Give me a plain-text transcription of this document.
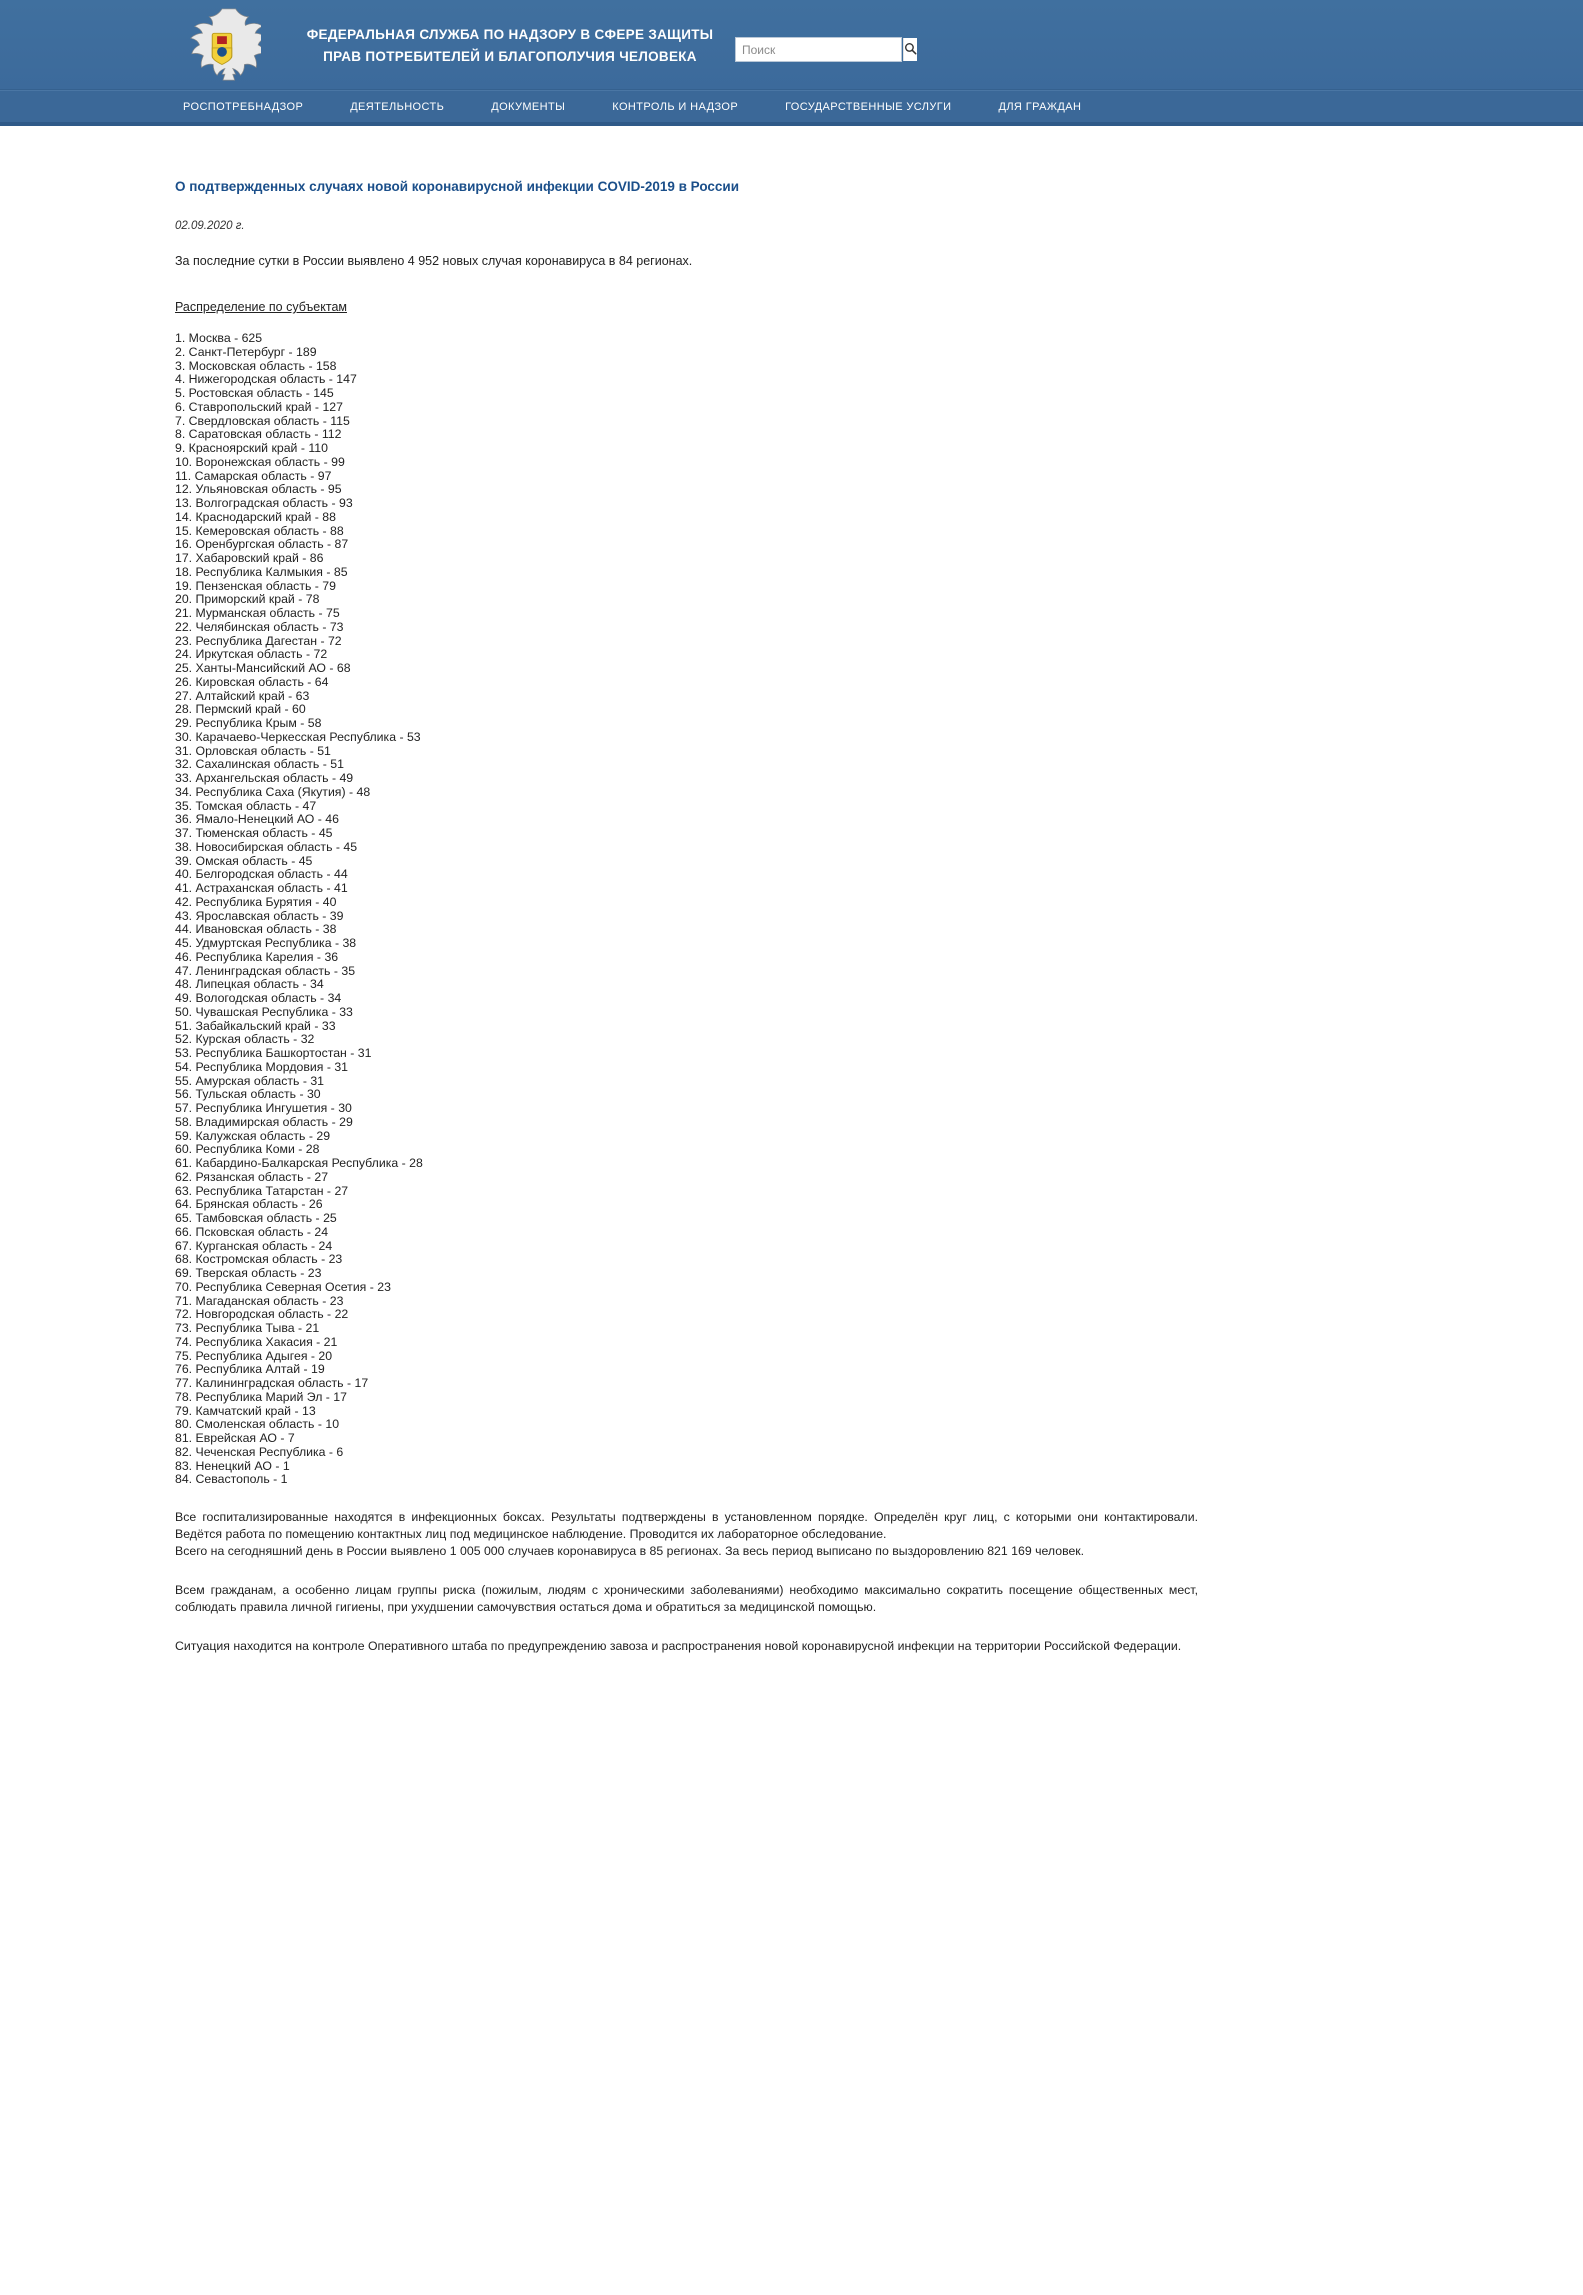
ФЕДЕРАЛЬНАЯ СЛУЖБА ПО НАДЗОРУ В СФЕРЕ ЗАЩИТЫ ПРАВ ПОТРЕБИТЕЛЕЙ И БЛАГОПОЛУЧИЯ ЧЕЛОВЕКА
Поиск
РОСПОТРЕБНАДЗОР	ДЕЯТЕЛЬНОСТЬ	ДОКУМЕНТЫ	КОНТРОЛЬ И НАДЗОР	ГОСУДАРСТВЕННЫЕ УСЛУГИ	ДЛЯ ГРАЖДАН
О подтвержденных случаях новой коронавирусной инфекции COVID-2019 в России
02.09.2020 г.
За последние сутки в России выявлено 4 952 новых случая коронавируса в 84 регионах.
Распределение по субъектам
1. Москва - 625
2. Санкт-Петербург - 189
3. Московская область - 158
4. Нижегородская область - 147
5. Ростовская область - 145
6. Ставропольский край - 127
7. Свердловская область - 115
8. Саратовская область - 112
9. Красноярский край - 110
10. Воронежская область - 99
11. Самарская область - 97
12. Ульяновская область - 95
13. Волгоградская область - 93
14. Краснодарский край - 88
15. Кемеровская область - 88
16. Оренбургская область - 87
17. Хабаровский край - 86
18. Республика Калмыкия - 85
19. Пензенская область - 79
20. Приморский край - 78
21. Мурманская область - 75
22. Челябинская область - 73
23. Республика Дагестан - 72
24. Иркутская область - 72
25. Ханты-Мансийский АО - 68
26. Кировская область - 64
27. Алтайский край - 63
28. Пермский край - 60
29. Республика Крым - 58
30. Карачаево-Черкесская Республика - 53
31. Орловская область - 51
32. Сахалинская область - 51
33. Архангельская область - 49
34. Республика Саха (Якутия) - 48
35. Томская область - 47
36. Ямало-Ненецкий АО - 46
37. Тюменская область - 45
38. Новосибирская область - 45
39. Омская область - 45
40. Белгородская область - 44
41. Астраханская область - 41
42. Республика Бурятия - 40
43. Ярославская область - 39
44. Ивановская область - 38
45. Удмуртская Республика - 38
46. Республика Карелия - 36
47. Ленинградская область - 35
48. Липецкая область - 34
49. Вологодская область - 34
50. Чувашская Республика - 33
51. Забайкальский край - 33
52. Курская область - 32
53. Республика Башкортостан - 31
54. Республика Мордовия - 31
55. Амурская область - 31
56. Тульская область - 30
57. Республика Ингушетия - 30
58. Владимирская область - 29
59. Калужская область - 29
60. Республика Коми - 28
61. Кабардино-Балкарская Республика - 28
62. Рязанская область - 27
63. Республика Татарстан - 27
64. Брянская область - 26
65. Тамбовская область - 25
66. Псковская область - 24
67. Курганская область - 24
68. Костромская область - 23
69. Тверская область - 23
70. Республика Северная Осетия - 23
71. Магаданская область - 23
72. Новгородская область - 22
73. Республика Тыва - 21
74. Республика Хакасия - 21
75. Республика Адыгея - 20
76. Республика Алтай - 19
77. Калининградская область - 17
78. Республика Марий Эл - 17
79. Камчатский край - 13
80. Смоленская область - 10
81. Еврейская АО - 7
82. Чеченская Республика - 6
83. Ненецкий АО - 1
84. Севастополь - 1
Все госпитализированные находятся в инфекционных боксах. Результаты подтверждены в установленном порядке. Определён круг лиц, с которыми они контактировали. Ведётся работа по помещению контактных лиц под медицинское наблюдение. Проводится их лабораторное обследование.
Всего на сегодняшний день в России выявлено 1 005 000 случаев коронавируса в 85 регионах. За весь период выписано по выздоровлению 821 169 человек.
Всем гражданам, а особенно лицам группы риска (пожилым, людям с хроническими заболеваниями) необходимо максимально сократить посещение общественных мест, соблюдать правила личной гигиены, при ухудшении самочувствия остаться дома и обратиться за медицинской помощью.
Ситуация находится на контроле Оперативного штаба по предупреждению завоза и распространения новой коронавирусной инфекции на территории Российской Федерации.
